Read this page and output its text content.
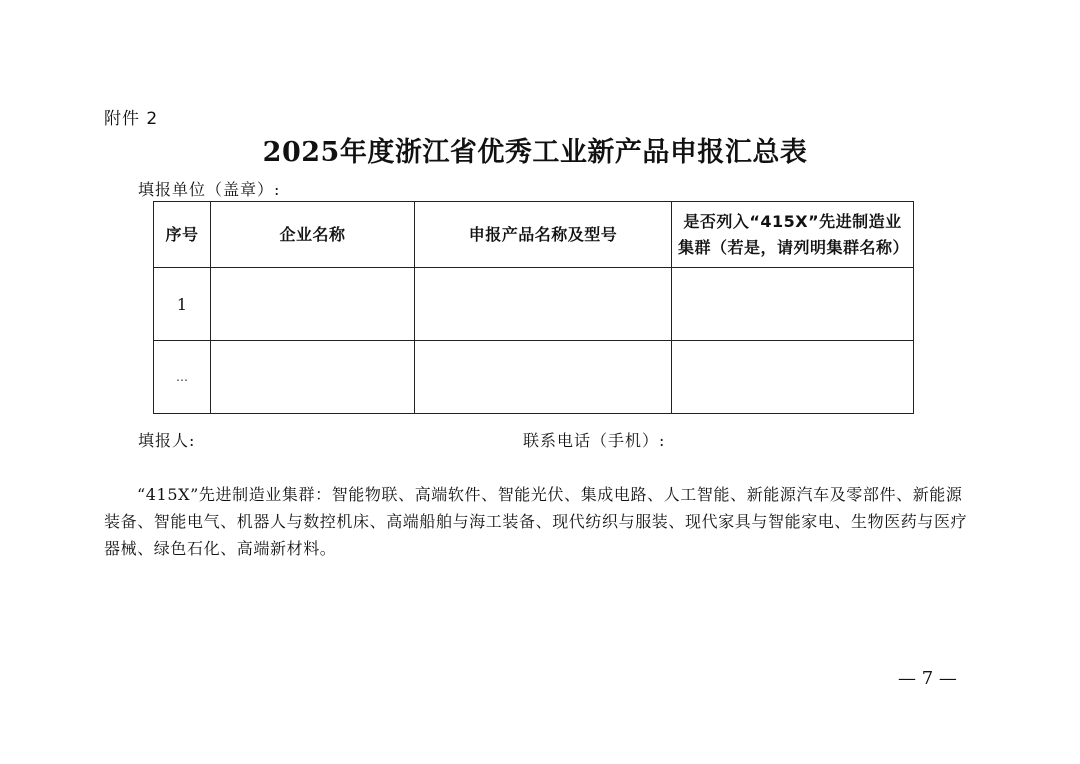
附件 2
2025年度浙江省优秀工业新产品申报汇总表
填报单位（盖章）:
序号	企业名称	申报产品名称及型号	是否列入“415X”先进制造业集群（若是，请列明集群名称）
1			
…			
填报人:	联系电话（手机）:
“415X”先进制造业集群：智能物联、高端软件、智能光伏、集成电路、人工智能、新能源汽车及零部件、新能源装备、智能电气、机器人与数控机床、高端船舶与海工装备、现代纺织与服装、现代家具与智能家电、生物医药与医疗器械、绿色石化、高端新材料。
— 7 —
